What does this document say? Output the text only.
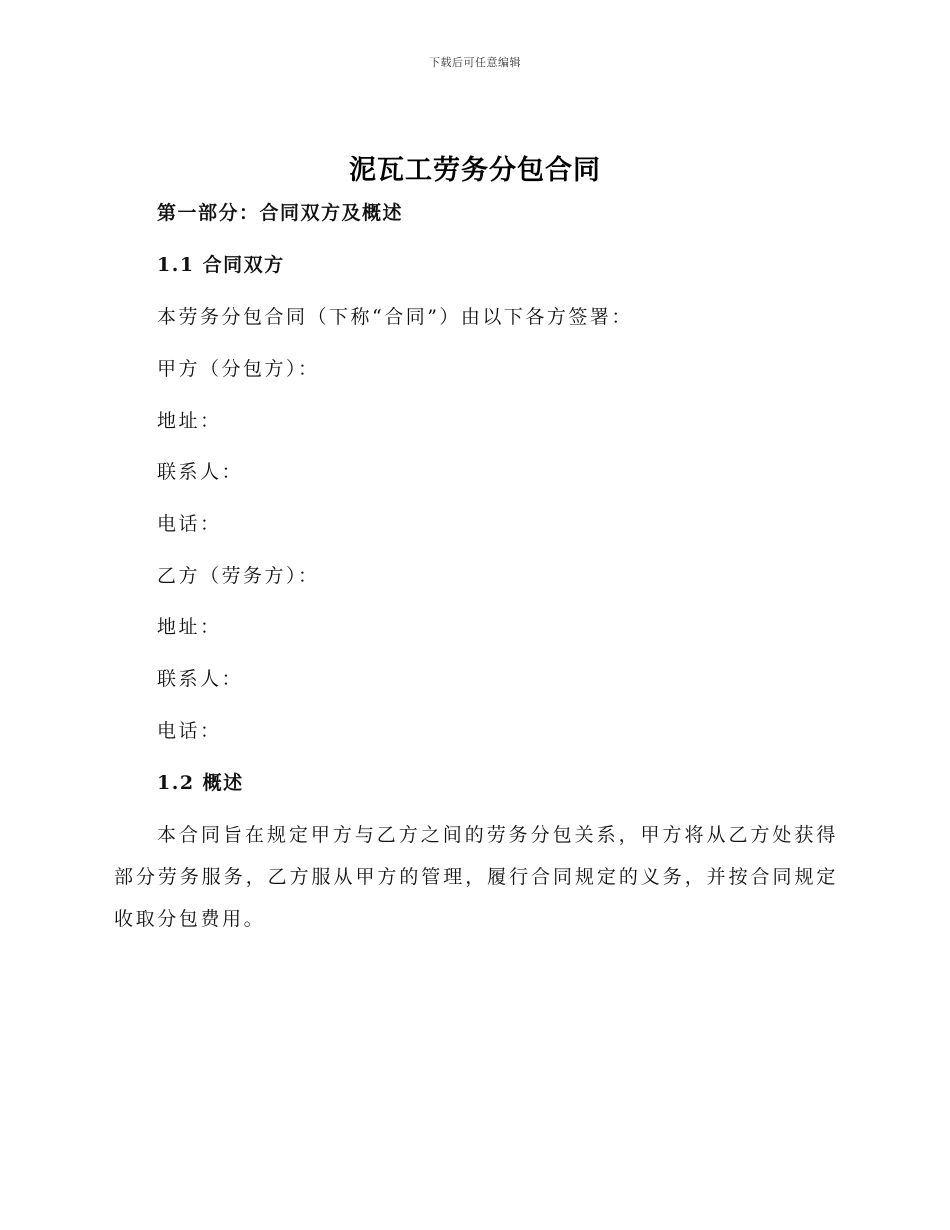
下载后可任意编辑
泥瓦工劳务分包合同
第一部分：合同双方及概述
1.1 合同双方
本劳务分包合同（下称“合同”）由以下各方签署：
甲方（分包方）：
地址：
联系人：
电话：
乙方（劳务方）：
地址：
联系人：
电话：
1.2 概述
本合同旨在规定甲方与乙方之间的劳务分包关系，甲方将从乙方处获得部分劳务服务，乙方服从甲方的管理，履行合同规定的义务，并按合同规定收取分包费用。
